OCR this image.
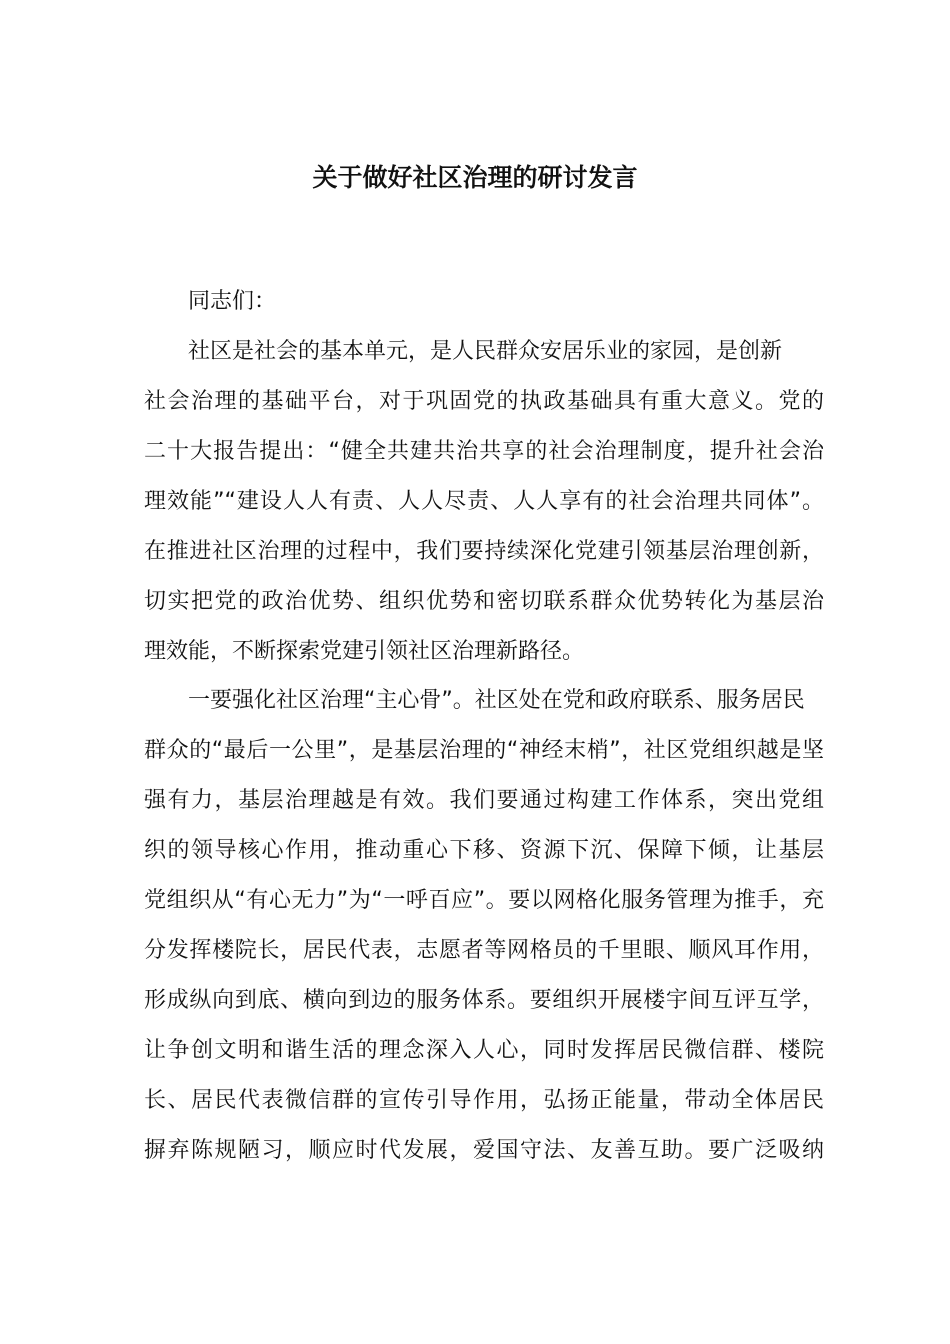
关于做好社区治理的研讨发言
同志们：
社区是社会的基本单元，是人民群众安居乐业的家园，是创新
社会治理的基础平台，对于巩固党的执政基础具有重大意义。党的
二十大报告提出：“健全共建共治共享的社会治理制度，提升社会治
理效能”“建设人人有责、人人尽责、人人享有的社会治理共同体”。
在推进社区治理的过程中，我们要持续深化党建引领基层治理创新，
切实把党的政治优势、组织优势和密切联系群众优势转化为基层治
理效能，不断探索党建引领社区治理新路径。
一要强化社区治理“主心骨”。社区处在党和政府联系、服务居民
群众的“最后一公里”，是基层治理的“神经末梢”，社区党组织越是坚
强有力，基层治理越是有效。我们要通过构建工作体系，突出党组
织的领导核心作用，推动重心下移、资源下沉、保障下倾，让基层
党组织从“有心无力”为“一呼百应”。要以网格化服务管理为推手，充
分发挥楼院长，居民代表，志愿者等网格员的千里眼、顺风耳作用，
形成纵向到底、横向到边的服务体系。要组织开展楼宇间互评互学，
让争创文明和谐生活的理念深入人心，同时发挥居民微信群、楼院
长、居民代表微信群的宣传引导作用，弘扬正能量，带动全体居民
摒弃陈规陋习，顺应时代发展，爱国守法、友善互助。要广泛吸纳
